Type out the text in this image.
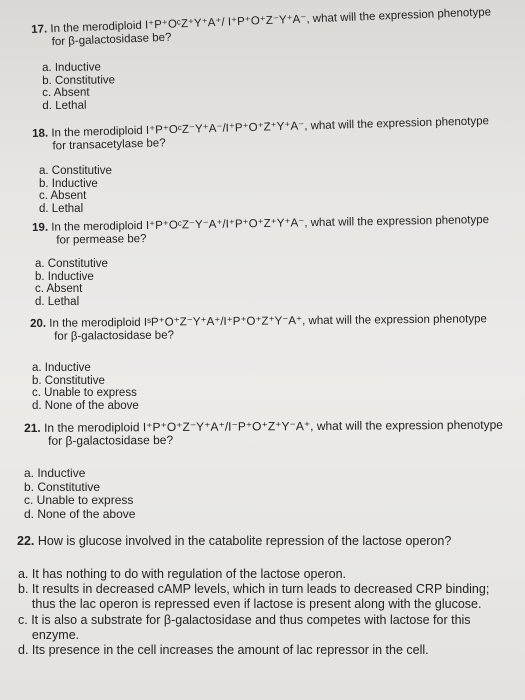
17. In the merodiploid I⁺P⁺OᶜZ⁺Y⁺A⁺/ I⁺P⁺O⁺Z⁻Y⁺A⁻, what will the expression phenotype
for β-galactosidase be?
a. Inductive
b. Constitutive
c. Absent
d. Lethal
18. In the merodiploid I⁺P⁺OᶜZ⁻Y⁺A⁻/I⁺P⁺O⁺Z⁺Y⁺A⁻, what will the expression phenotype
for transacetylase be?
a. Constitutive
b. Inductive
c. Absent
d. Lethal
19. In the merodiploid I⁺P⁺OᶜZ⁻Y⁻A⁺/I⁺P⁺O⁺Z⁺Y⁺A⁻, what will the expression phenotype
for permease be?
a. Constitutive
b. Inductive
c. Absent
d. Lethal
20. In the merodiploid IˢP⁺O⁺Z⁻Y⁺A⁺/I⁺P⁺O⁺Z⁺Y⁻A⁺, what will the expression phenotype
for β-galactosidase be?
a. Inductive
b. Constitutive
c. Unable to express
d. None of the above
21. In the merodiploid I⁺P⁺O⁺Z⁻Y⁺A⁺/I⁻P⁺O⁺Z⁺Y⁻A⁺, what will the expression phenotype
for β-galactosidase be?
a. Inductive
b. Constitutive
c. Unable to express
d. None of the above
22. How is glucose involved in the catabolite repression of the lactose operon?
a. It has nothing to do with regulation of the lactose operon.
b. It results in decreased cAMP levels, which in turn leads to decreased CRP binding;
thus the lac operon is repressed even if lactose is present along with the glucose.
c. It is also a substrate for β-galactosidase and thus competes with lactose for this
enzyme.
d. Its presence in the cell increases the amount of lac repressor in the cell.
